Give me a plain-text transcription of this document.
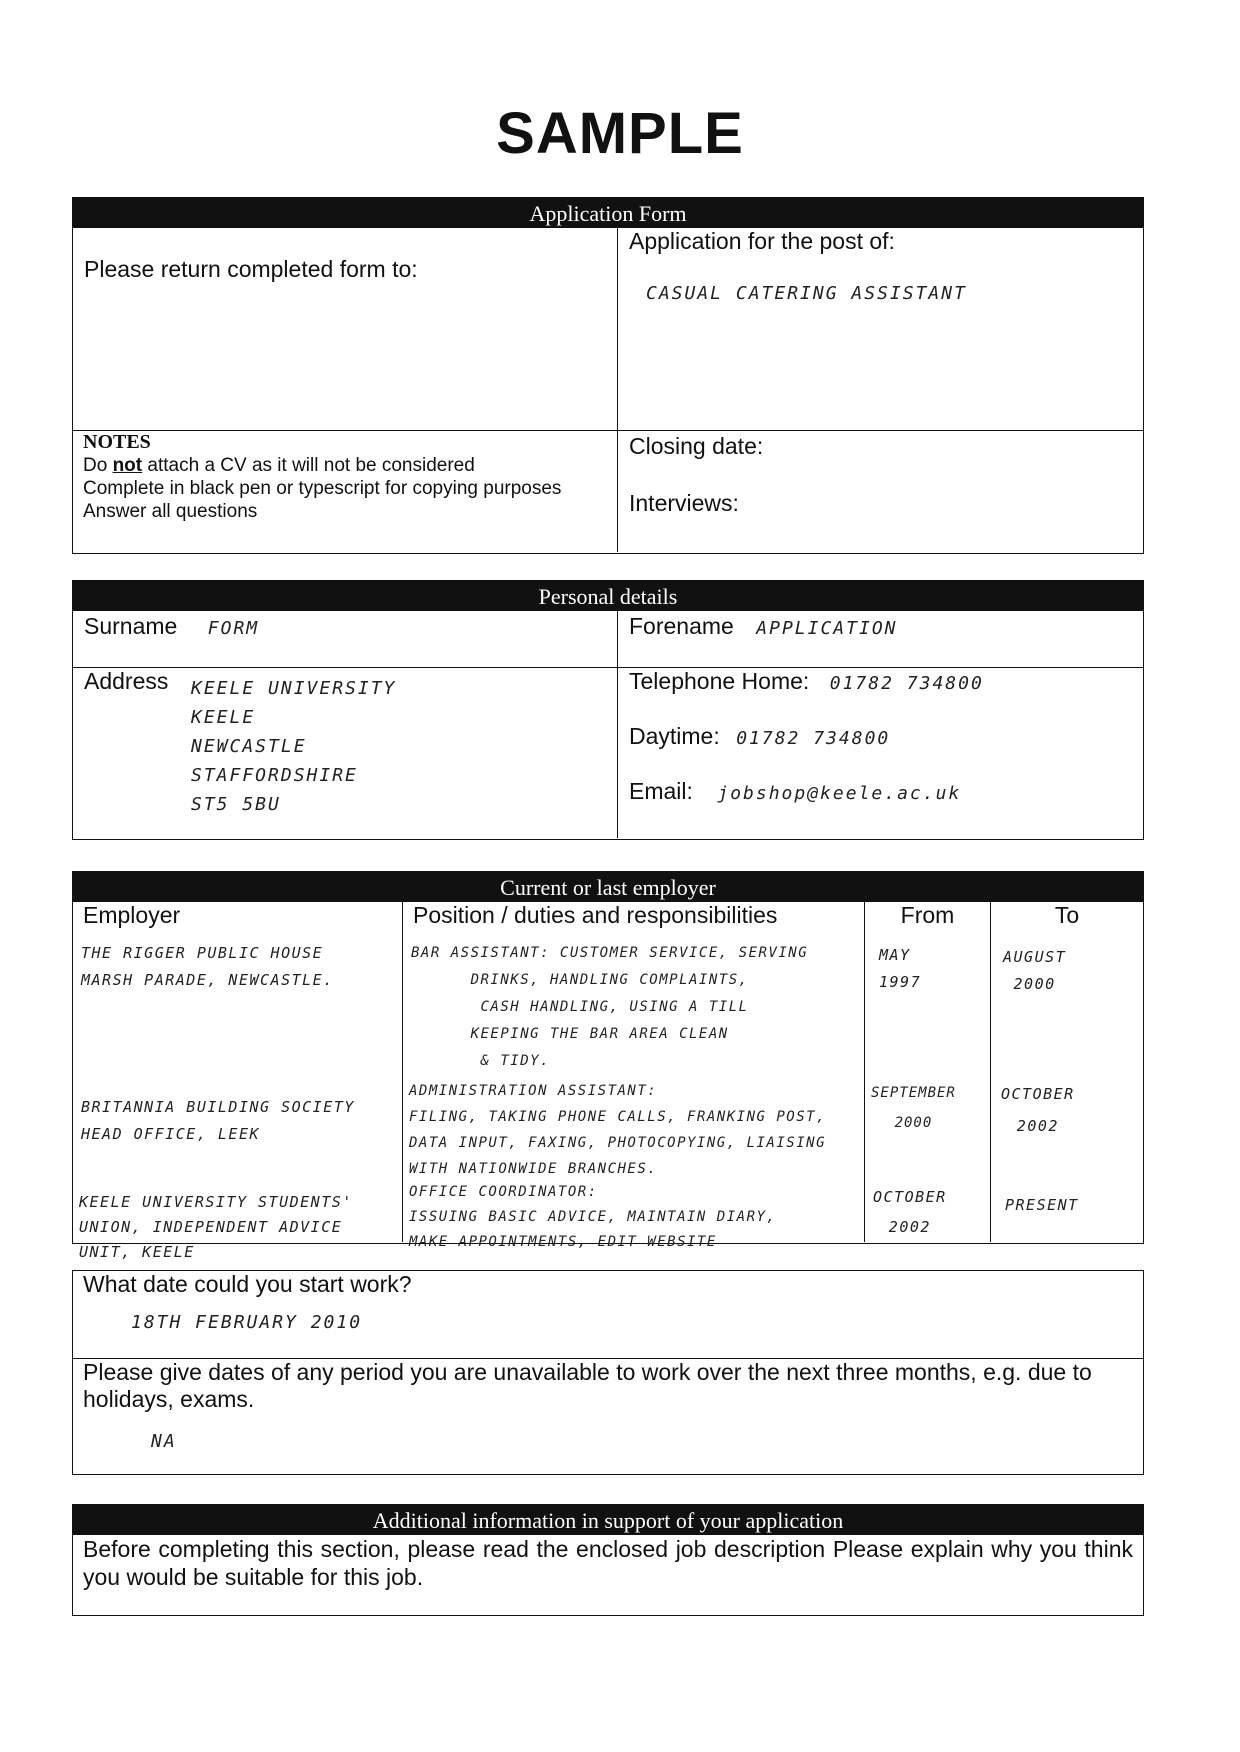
SAMPLE
Application Form
Please return completed form to:
Application for the post of:
CASUAL CATERING ASSISTANT
NOTES
Do not attach a CV as it will not be considered
Complete in black pen or typescript for copying purposes
Answer all questions
Closing date:
Interviews:
Personal details
Surname FORM	Forename APPLICATION
Address KEELE UNIVERSITY
KEELE
NEWCASTLE
STAFFORDSHIRE
ST5 5BU
Telephone Home: 01782 734800
Daytime: 01782 734800
Email: jobshop@keele.ac.uk
Current or last employer
Employer
THE RIGGER PUBLIC HOUSE
MARSH PARADE, NEWCASTLE.
BRITANNIA BUILDING SOCIETY
HEAD OFFICE, LEEK
KEELE UNIVERSITY STUDENTS'
UNION, INDEPENDENT ADVICE
UNIT, KEELE
Position / duties and responsibilities
BAR ASSISTANT: CUSTOMER SERVICE, SERVING
DRINKS, HANDLING COMPLAINTS,
CASH HANDLING, USING A TILL
KEEPING THE BAR AREA CLEAN
& TIDY.
ADMINISTRATION ASSISTANT:
FILING, TAKING PHONE CALLS, FRANKING POST,
DATA INPUT, FAXING, PHOTOCOPYING, LIAISING
WITH NATIONWIDE BRANCHES.
OFFICE COORDINATOR:
ISSUING BASIC ADVICE, MAINTAIN DIARY,
MAKE APPOINTMENTS, EDIT WEBSITE
From
MAY
1997
SEPTEMBER
2000
OCTOBER
2002
To
AUGUST
2000
OCTOBER
2002
PRESENT
What date could you start work?
18TH FEBRUARY 2010
Please give dates of any period you are unavailable to work over the next three months, e.g. due to holidays, exams.
NA
Additional information in support of your application
Before completing this section, please read the enclosed job description Please explain why you think you would be suitable for this job.
